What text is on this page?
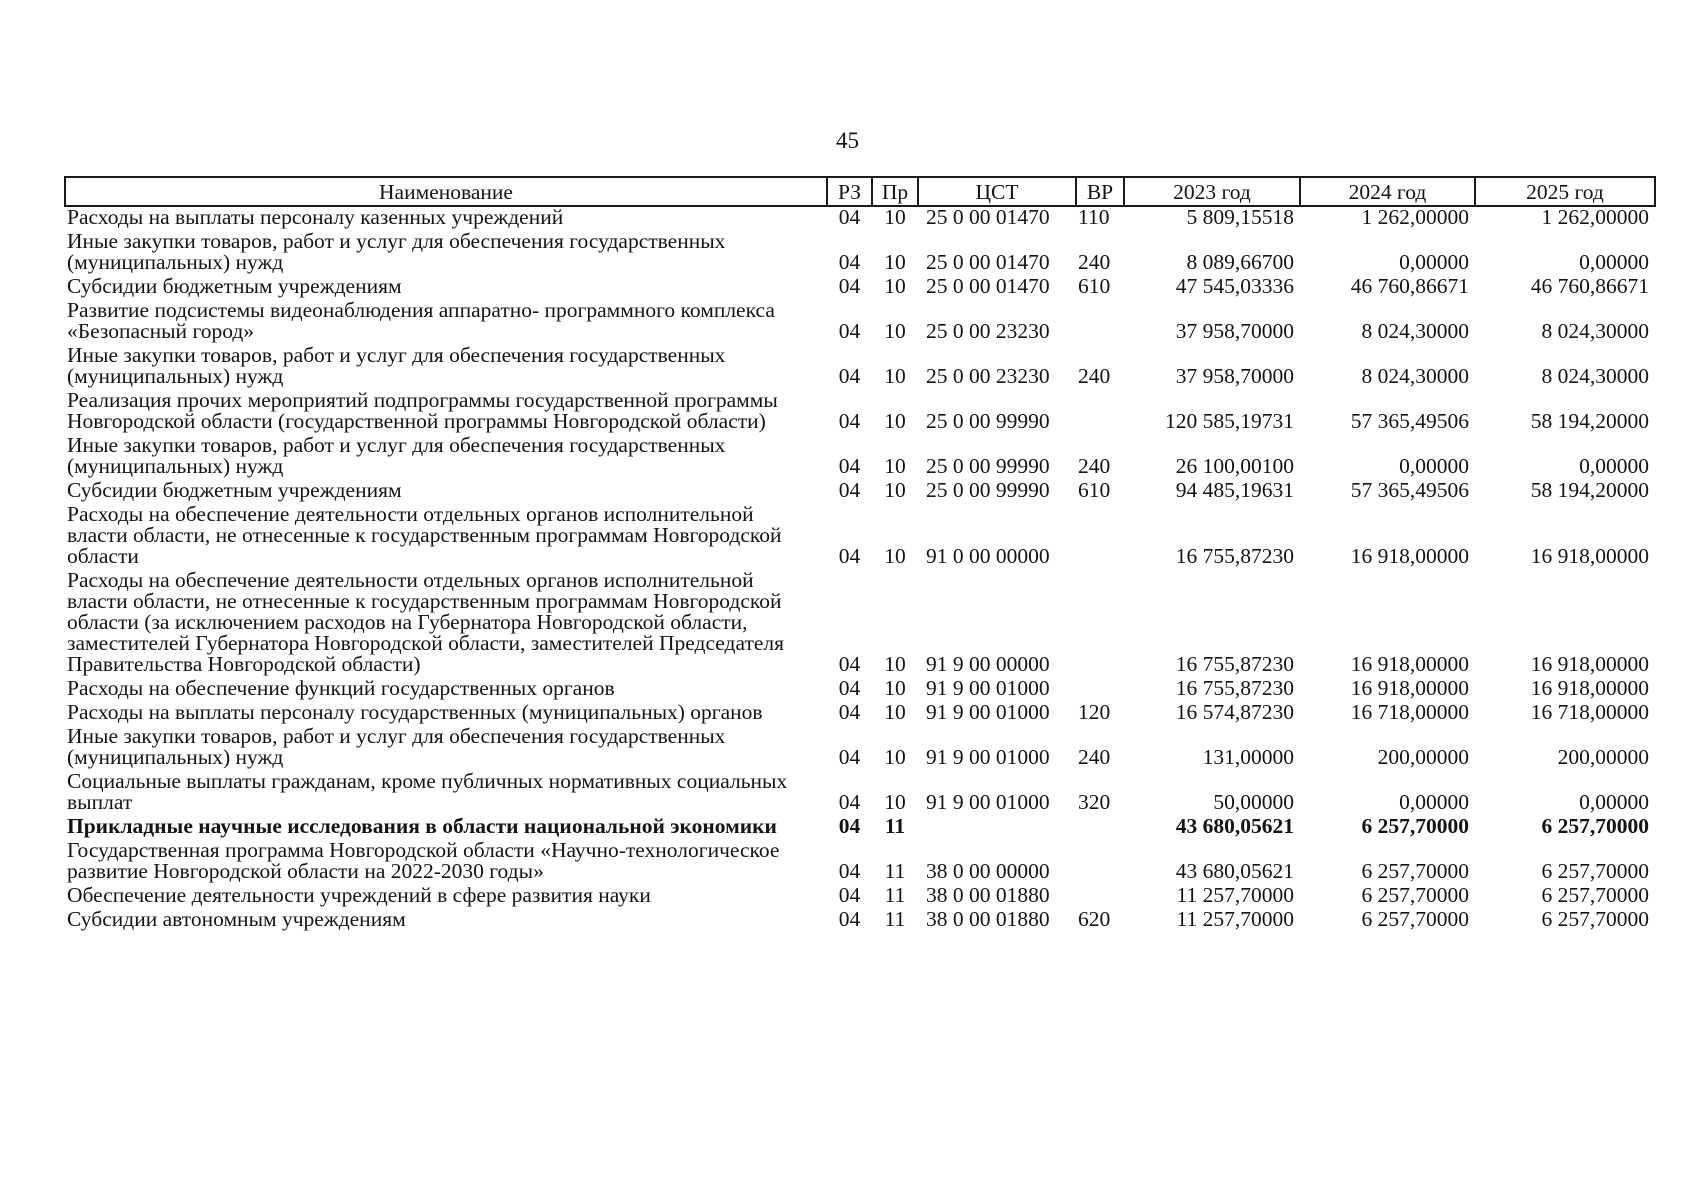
45
Наименование	РЗ	Пр	ЦСТ	ВР	2023 год	2024 год	2025 год
Расходы на выплаты персоналу казенных учреждений	04	10	25 0 00 01470	110	5 809,15518	1 262,00000	1 262,00000
Иные закупки товаров, работ и услуг для обеспечения государственных (муниципальных) нужд	04	10	25 0 00 01470	240	8 089,66700	0,00000	0,00000
Субсидии бюджетным учреждениям	04	10	25 0 00 01470	610	47 545,03336	46 760,86671	46 760,86671
Развитие подсистемы видеонаблюдения аппаратно- программного комплекса «Безопасный город»	04	10	25 0 00 23230		37 958,70000	8 024,30000	8 024,30000
Иные закупки товаров, работ и услуг для обеспечения государственных (муниципальных) нужд	04	10	25 0 00 23230	240	37 958,70000	8 024,30000	8 024,30000
Реализация прочих мероприятий подпрограммы государственной программы Новгородской области (государственной программы Новгородской области)	04	10	25 0 00 99990		120 585,19731	57 365,49506	58 194,20000
Иные закупки товаров, работ и услуг для обеспечения государственных (муниципальных) нужд	04	10	25 0 00 99990	240	26 100,00100	0,00000	0,00000
Субсидии бюджетным учреждениям	04	10	25 0 00 99990	610	94 485,19631	57 365,49506	58 194,20000
Расходы на обеспечение деятельности отдельных органов исполнительной власти области, не отнесенные к государственным программам Новгородской области	04	10	91 0 00 00000		16 755,87230	16 918,00000	16 918,00000
Расходы на обеспечение деятельности отдельных органов исполнительной власти области, не отнесенные к государственным программам Новгородской области (за исключением расходов на Губернатора Новгородской области, заместителей Губернатора Новгородской области, заместителей Председателя Правительства Новгородской области)	04	10	91 9 00 00000		16 755,87230	16 918,00000	16 918,00000
Расходы на обеспечение функций государственных органов	04	10	91 9 00 01000		16 755,87230	16 918,00000	16 918,00000
Расходы на выплаты персоналу государственных (муниципальных) органов	04	10	91 9 00 01000	120	16 574,87230	16 718,00000	16 718,00000
Иные закупки товаров, работ и услуг для обеспечения государственных (муниципальных) нужд	04	10	91 9 00 01000	240	131,00000	200,00000	200,00000
Социальные выплаты гражданам, кроме публичных нормативных социальных выплат	04	10	91 9 00 01000	320	50,00000	0,00000	0,00000
Прикладные научные исследования в области национальной экономики	04	11			43 680,05621	6 257,70000	6 257,70000
Государственная программа Новгородской области «Научно-технологическое развитие Новгородской области на 2022-2030 годы»	04	11	38 0 00 00000		43 680,05621	6 257,70000	6 257,70000
Обеспечение деятельности учреждений в сфере развития науки	04	11	38 0 00 01880		11 257,70000	6 257,70000	6 257,70000
Субсидии автономным учреждениям	04	11	38 0 00 01880	620	11 257,70000	6 257,70000	6 257,70000
